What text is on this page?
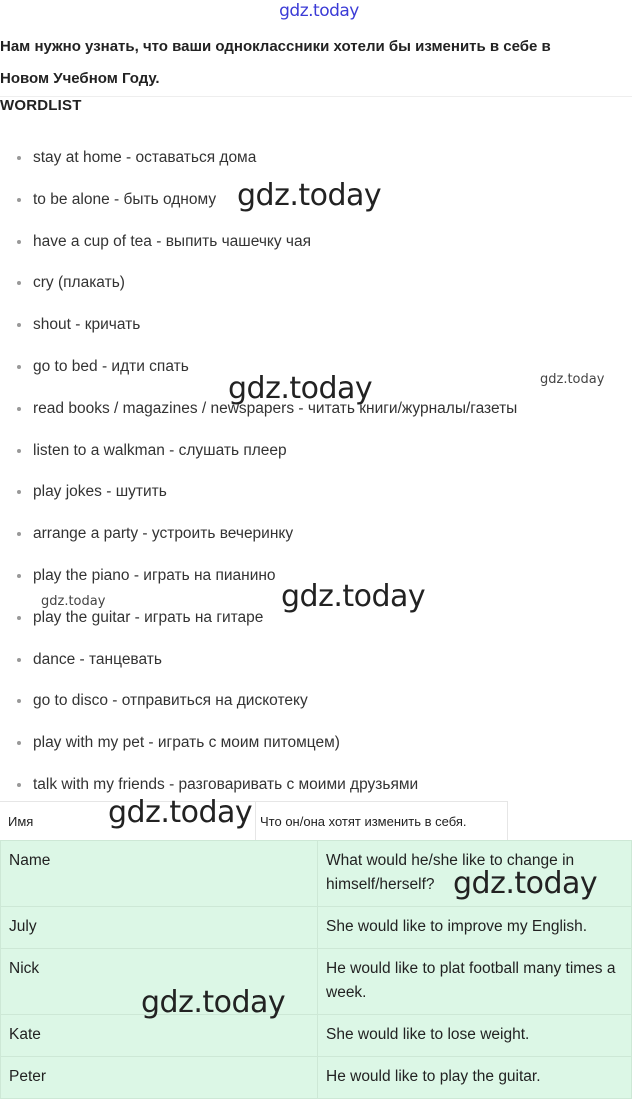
gdz.today
Нам нужно узнать, что ваши одноклассники хотели бы изменить в себе в
Новом Учебном Году.
WORDLIST
stay at home - оставаться дома
to be alone - быть одному
have a cup of tea - выпить чашечку чая
cry (плакать)
shout - кричать
go to bed - идти спать
read books / magazines / newspapers - читать книги/журналы/газеты
listen to a walkman - слушать плеер
play jokes - шутить
arrange a party - устроить вечеринку
play the piano - играть на пианино
play the guitar - играть на гитаре
dance - танцевать
go to disco - отправиться на дискотеку
play with my pet - играть с моим питомцем)
talk with my friends - разговаривать с моими друзьями
Имя	Что он/она хотят изменить в себя.
Name	What would he/she like to change in himself/herself?
July	She would like to improve my English.
Nick	He would like to plat football many times a week.
Kate	She would like to lose weight.
Peter	He would like to play the guitar.
gdz.today
gdz.today	gdz.today
gdz.today
gdz.today
gdz.today
gdz.today
gdz.today
